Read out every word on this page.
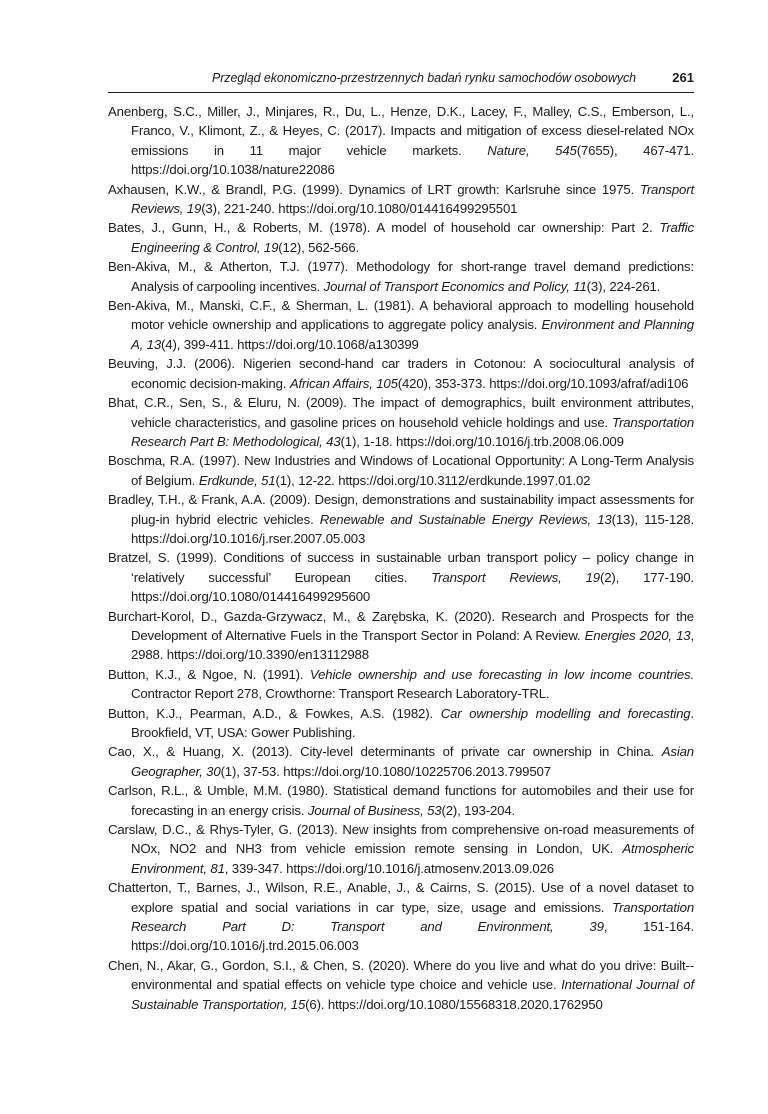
Przegląd ekonomiczno-przestrzennych badań rynku samochodów osobowych	261

Anenberg, S.C., Miller, J., Minjares, R., Du, L., Henze, D.K., Lacey, F., Malley, C.S., Emberson, L., Franco, V., Klimont, Z., & Heyes, C. (2017). Impacts and mitigation of excess diesel-related NOx emissions in 11 major vehicle markets. Nature, 545(7655), 467-471. https://doi.org/10.1038/nature22086

Axhausen, K.W., & Brandl, P.G. (1999). Dynamics of LRT growth: Karlsruhe since 1975. Transport Reviews, 19(3), 221-240. https://doi.org/10.1080/014416499295501

Bates, J., Gunn, H., & Roberts, M. (1978). A model of household car ownership: Part 2. Traffic Engineering & Control, 19(12), 562-566.

Ben-Akiva, M., & Atherton, T.J. (1977). Methodology for short-range travel demand predictions: Analysis of carpooling incentives. Journal of Transport Economics and Policy, 11(3), 224-261.

Ben-Akiva, M., Manski, C.F., & Sherman, L. (1981). A behavioral approach to modelling household motor vehicle ownership and applications to aggregate policy analysis. Environment and Planning A, 13(4), 399-411. https://doi.org/10.1068/a130399

Beuving, J.J. (2006). Nigerien second-hand car traders in Cotonou: A sociocultural analysis of economic decision-making. African Affairs, 105(420), 353-373. https://doi.org/10.1093/afraf/adi106

Bhat, C.R., Sen, S., & Eluru, N. (2009). The impact of demographics, built environment attributes, vehicle characteristics, and gasoline prices on household vehicle holdings and use. Transportation Research Part B: Methodological, 43(1), 1-18. https://doi.org/10.1016/j.trb.2008.06.009

Boschma, R.A. (1997). New Industries and Windows of Locational Opportunity: A Long-Term Analysis of Belgium. Erdkunde, 51(1), 12-22. https://doi.org/10.3112/erdkunde.1997.01.02

Bradley, T.H., & Frank, A.A. (2009). Design, demonstrations and sustainability impact assessments for plug-in hybrid electric vehicles. Renewable and Sustainable Energy Reviews, 13(13), 115-128. https://doi.org/10.1016/j.rser.2007.05.003

Bratzel, S. (1999). Conditions of success in sustainable urban transport policy – policy change in ‘relatively successful’ European cities. Transport Reviews, 19(2), 177-190. https://doi.org/10.1080/014416499295600

Burchart-Korol, D., Gazda-Grzywacz, M., & Zarębska, K. (2020). Research and Prospects for the Development of Alternative Fuels in the Transport Sector in Poland: A Review. Energies 2020, 13, 2988. https://doi.org/10.3390/en13112988

Button, K.J., & Ngoe, N. (1991). Vehicle ownership and use forecasting in low income countries. Contractor Report 278, Crowthorne: Transport Research Laboratory-TRL.

Button, K.J., Pearman, A.D., & Fowkes, A.S. (1982). Car ownership modelling and forecasting. Brookfield, VT, USA: Gower Publishing.

Cao, X., & Huang, X. (2013). City-level determinants of private car ownership in China. Asian Geographer, 30(1), 37-53. https://doi.org/10.1080/10225706.2013.799507

Carlson, R.L., & Umble, M.M. (1980). Statistical demand functions for automobiles and their use for forecasting in an energy crisis. Journal of Business, 53(2), 193-204.

Carslaw, D.C., & Rhys-Tyler, G. (2013). New insights from comprehensive on-road measurements of NOx, NO2 and NH3 from vehicle emission remote sensing in London, UK. Atmospheric Environment, 81, 339-347. https://doi.org/10.1016/j.atmosenv.2013.09.026

Chatterton, T., Barnes, J., Wilson, R.E., Anable, J., & Cairns, S. (2015). Use of a novel dataset to explore spatial and social variations in car type, size, usage and emissions. Transportation Research Part D: Transport and Environment, 39, 151-164. https://doi.org/10.1016/j.trd.2015.06.003

Chen, N., Akar, G., Gordon, S.I., & Chen, S. (2020). Where do you live and what do you drive: Built--environmental and spatial effects on vehicle type choice and vehicle use. International Journal of Sustainable Transportation, 15(6). https://doi.org/10.1080/15568318.2020.1762950
